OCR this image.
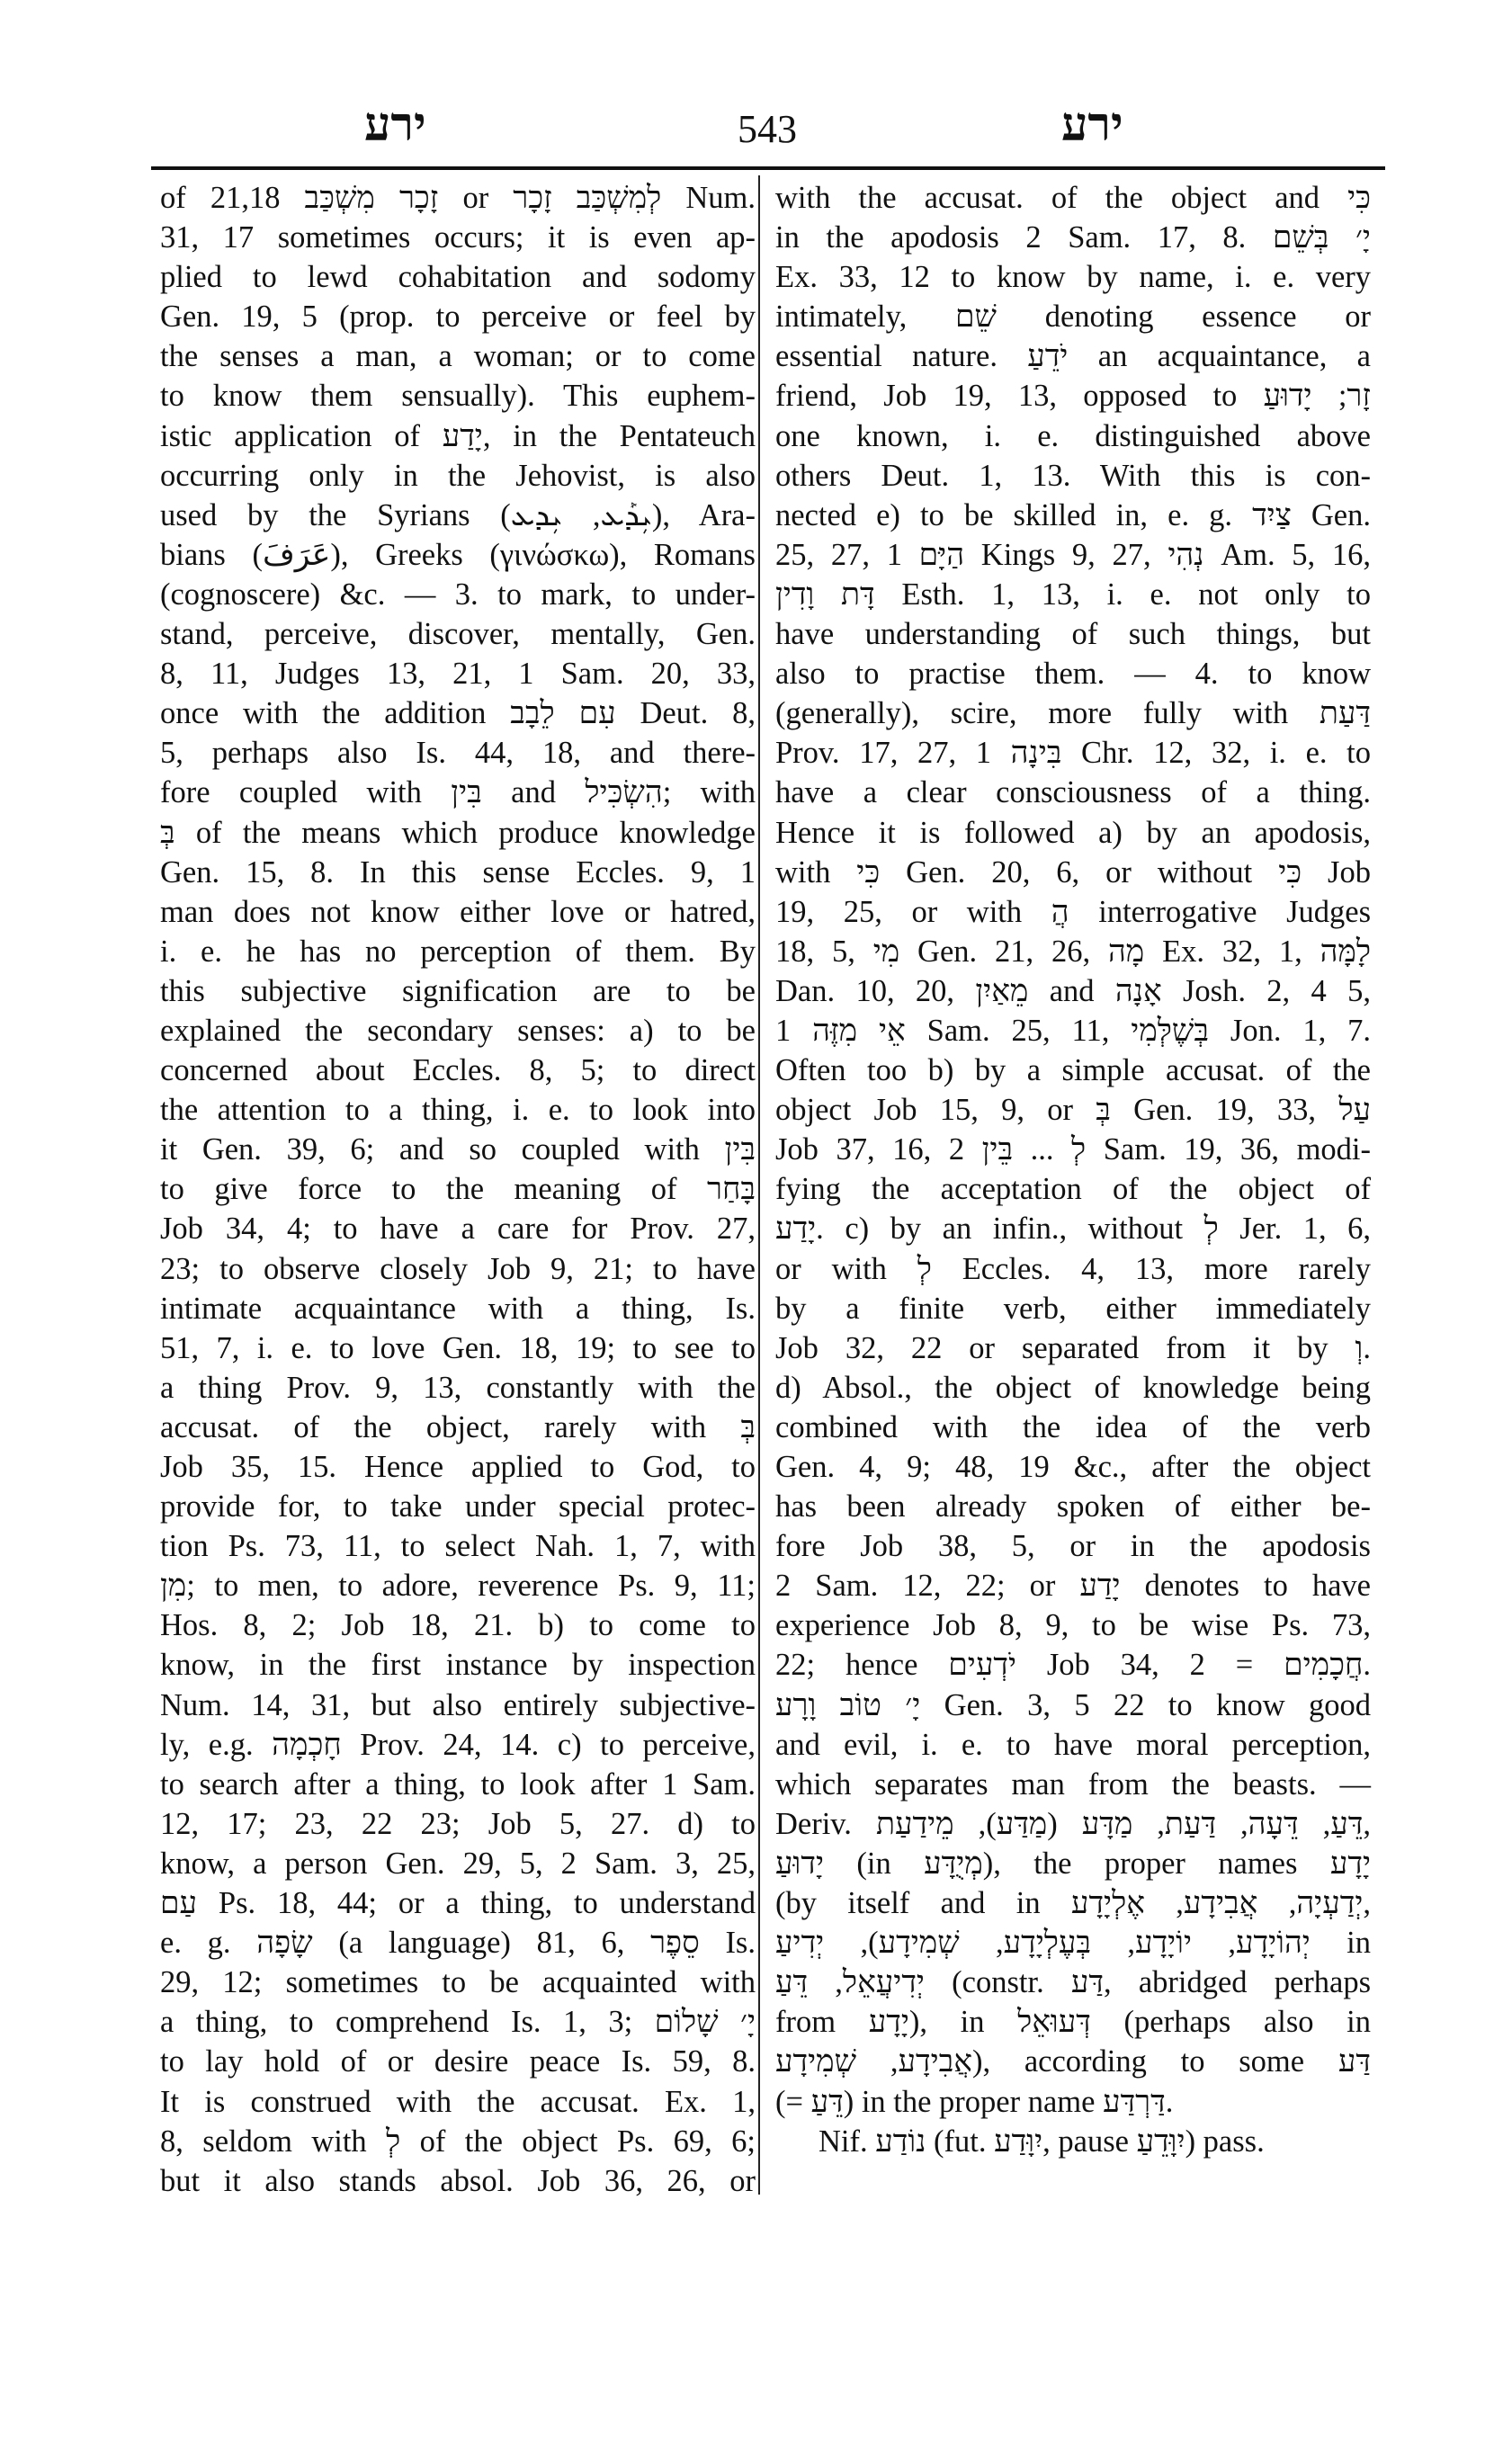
ירע	543	ירע
of זָכָר מִשְׁכַּב 21,18 or לְמִשְׁכַּב זָכָר Num.
31, 17 sometimes occurs; it is even ap-
plied to lewd cohabitation and sodomy
Gen. 19, 5 (prop. to perceive or feel by
the senses a man, a woman; or to come
to know them sensually). This euphem-
istic application of יָדַע, in the Pentateuch
occurring only in the Jehovist, is also
used by the Syrians (ܝܼܕܰܥ, ܝܼܕܥ), Ara-
bians (عَرَفَ), Greeks (γινώσκω), Romans
(cognoscere) &c. — 3. to mark, to under-
stand, perceive, discover, mentally, Gen.
8, 11, Judges 13, 21, 1 Sam. 20, 33,
once with the addition עִם לֵבָב Deut. 8,
5, perhaps also Is. 44, 18, and there-
fore coupled with בִּין and הִשְׂכִּיל; with
בְּ of the means which produce knowledge
Gen. 15, 8. In this sense Eccles. 9, 1
man does not know either love or hatred,
i. e. he has no perception of them. By
this subjective signification are to be
explained the secondary senses: a) to be
concerned about Eccles. 8, 5; to direct
the attention to a thing, i. e. to look into
it Gen. 39, 6; and so coupled with בִּין
to give force to the meaning of בָּחַר
Job 34, 4; to have a care for Prov. 27,
23; to observe closely Job 9, 21; to have
intimate acquaintance with a thing, Is.
51, 7, i. e. to love Gen. 18, 19; to see to
a thing Prov. 9, 13, constantly with the
accusat. of the object, rarely with בְּ
Job 35, 15. Hence applied to God, to
provide for, to take under special protec-
tion Ps. 73, 11, to select Nah. 1, 7, with
מִן; to men, to adore, reverence Ps. 9, 11;
Hos. 8, 2; Job 18, 21. b) to come to
know, in the first instance by inspection
Num. 14, 31, but also entirely subjective-
ly, e.g. חָכְמָה Prov. 24, 14. c) to perceive,
to search after a thing, to look after 1 Sam.
12, 17; 23, 22 23; Job 5, 27. d) to
know, a person Gen. 29, 5, 2 Sam. 3, 25,
עַם Ps. 18, 44; or a thing, to understand
e. g. שָׂפָה (a language) 81, 6, סֵפֶר Is.
29, 12; sometimes to be acquainted with
a thing, to comprehend Is. 1, 3; יָ׳ שָׁלוֹם
to lay hold of or desire peace Is. 59, 8.
It is construed with the accusat. Ex. 1,
8, seldom with לְ of the object Ps. 69, 6;
but it also stands absol. Job 36, 26, or
with the accusat. of the object and כִּי
in the apodosis 2 Sam. 17, 8. יָ׳ בְּשֵׁם
Ex. 33, 12 to know by name, i. e. very
intimately, שֵׁם denoting essence or
essential nature. יֹדֵעַ an acquaintance, a
friend, Job 19, 13, opposed to זָר; יָדוּעַ
one known, i. e. distinguished above
others Deut. 1, 13. With this is con-
nected e) to be skilled in, e. g. צַיִד Gen.
25, 27, הַיָּם 1 Kings 9, 27, נְהִי Am. 5, 16,
דָּת וָדִין Esth. 1, 13, i. e. not only to
have understanding of such things, but
also to practise them. — 4. to know
(generally), scire, more fully with דַּעַת
Prov. 17, 27, בִּינָה 1 Chr. 12, 32, i. e. to
have a clear consciousness of a thing.
Hence it is followed a) by an apodosis,
with כִּי Gen. 20, 6, or without כִּי Job
19, 25, or with הֲ interrogative Judges
18, 5, מִי Gen. 21, 26, מָה Ex. 32, 1, לָמָּה
Dan. 10, 20, מֵאַיִן and אָנָה Josh. 2, 4 5,
אֵי מִזֶּה 1 Sam. 25, 11, בְּשֶׁלְּמִי Jon. 1, 7.
Often too b) by a simple accusat. of the
object Job 15, 9, or בְּ Gen. 19, 33, עַל
Job 37, 16, לְ ... בֵּין 2 Sam. 19, 36, modi-
fying the acceptation of the object of
יָדַע. c) by an infin., without לְ Jer. 1, 6,
or with לְ Eccles. 4, 13, more rarely
by a finite verb, either immediately
Job 32, 22 or separated from it by וְ.
d) Absol., the object of knowledge being
combined with the idea of the verb
Gen. 4, 9; 48, 19 &c., after the object
has been already spoken of either be-
fore Job 38, 5, or in the apodosis
2 Sam. 12, 22; or יָדַע denotes to have
experience Job 8, 9, to be wise Ps. 73,
22; hence יֹדְעִים Job 34, 2 = חֲכָמִים.
יָ׳ טוֹב וָרָע Gen. 3, 5 22 to know good
and evil, i. e. to have moral perception,
which separates man from the beasts. —
Deriv. דֵּעַ, דֵּעָה, דַּעַת, מַדָּע (מַדַּע), מֵידַעַת,
יָדוּעַ (in מְיֻדָּע), the proper names יָדָע
(by itself and in יְדַעְיָה, אֲבִידָע, אֶלְיָדָע,
יְהוֹיָדָע, יוֹיָדָע, בְּעֶלְיָדָע, שְׁמִידָע), יְדִיעַ in
יְדִיעֲאֵל, דֵּעַ (constr. דַּע, abridged perhaps
from יָדָע), in דְּעוּאֵל (perhaps also in
אֲבִידָע, שְׁמִידָע), according to some דַּע
(= דֵּעַ) in the proper name דַּרְדַּע.
Nif. נוֹדַע (fut. יִוָּדַע, pause יִוָּדֵעַ) pass.
